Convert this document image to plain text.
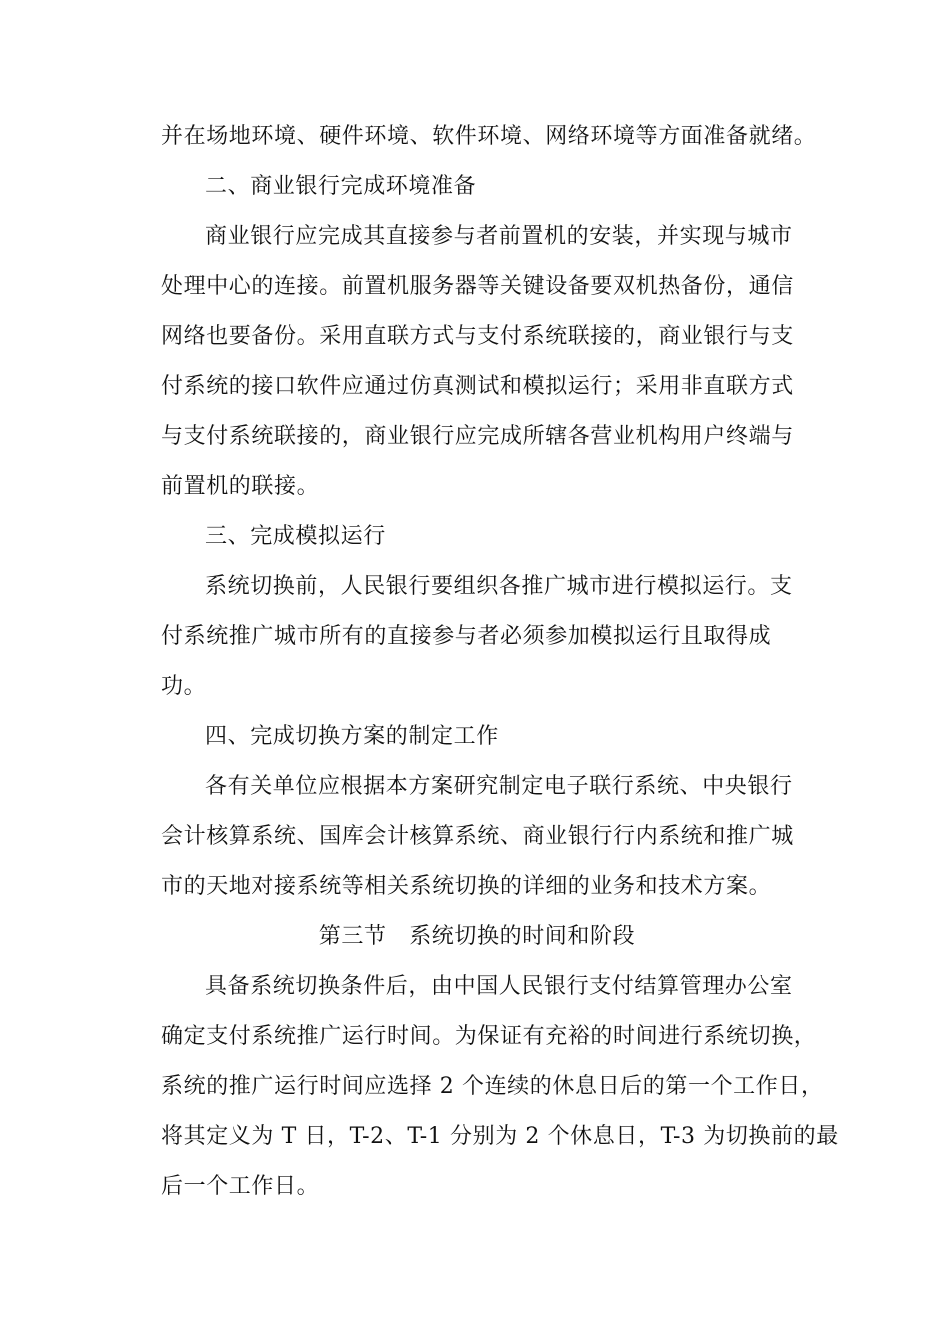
并在场地环境、硬件环境、软件环境、网络环境等方面准备就绪。
二、商业银行完成环境准备
商业银行应完成其直接参与者前置机的安装，并实现与城市
处理中心的连接。前置机服务器等关键设备要双机热备份，通信
网络也要备份。采用直联方式与支付系统联接的，商业银行与支
付系统的接口软件应通过仿真测试和模拟运行；采用非直联方式
与支付系统联接的，商业银行应完成所辖各营业机构用户终端与
前置机的联接。
三、完成模拟运行
系统切换前，人民银行要组织各推广城市进行模拟运行。支
付系统推广城市所有的直接参与者必须参加模拟运行且取得成
功。
四、完成切换方案的制定工作
各有关单位应根据本方案研究制定电子联行系统、中央银行
会计核算系统、国库会计核算系统、商业银行行内系统和推广城
市的天地对接系统等相关系统切换的详细的业务和技术方案。
第三节　系统切换的时间和阶段
具备系统切换条件后，由中国人民银行支付结算管理办公室
确定支付系统推广运行时间。为保证有充裕的时间进行系统切换，
系统的推广运行时间应选择 2 个连续的休息日后的第一个工作日，
将其定义为 T 日，T-2、T-1 分别为 2 个休息日，T-3 为切换前的最
后一个工作日。
